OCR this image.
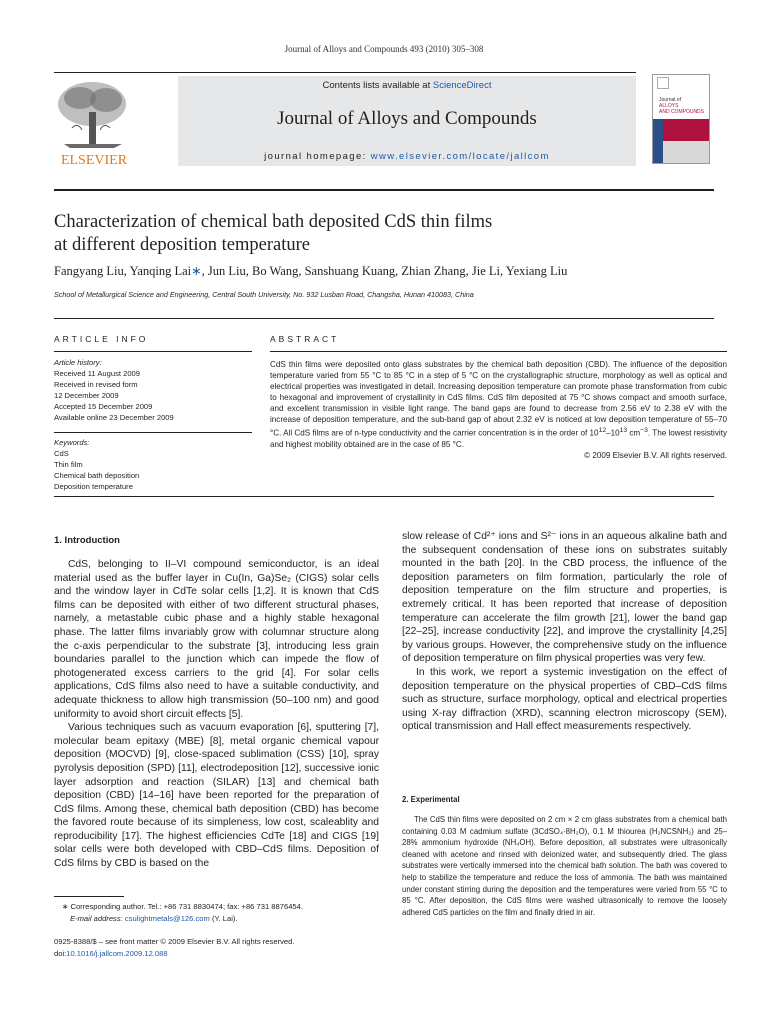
Journal of Alloys and Compounds 493 (2010) 305–308
ELSEVIER
Contents lists available at ScienceDirect
Journal of Alloys and Compounds
journal homepage: www.elsevier.com/locate/jallcom
Journal of
ALLOYS
AND COMPOUNDS
Characterization of chemical bath deposited CdS thin films
at different deposition temperature
Fangyang Liu, Yanqing Lai∗, Jun Liu, Bo Wang, Sanshuang Kuang, Zhian Zhang, Jie Li, Yexiang Liu
School of Metallurgical Science and Engineering, Central South University, No. 932 Lusban Road, Changsha, Hunan 410083, China
ARTICLE INFO
Article history:
Received 11 August 2009
Received in revised form
12 December 2009
Accepted 15 December 2009
Available online 23 December 2009
Keywords:
CdS
Thin film
Chemical bath deposition
Deposition temperature
ABSTRACT
CdS thin films were deposited onto glass substrates by the chemical bath deposition (CBD). The influence of the deposition temperature varied from 55 °C to 85 °C in a step of 5 °C on the crystallographic structure, morphology as well as optical and electrical properties was investigated in detail. Increasing deposition temperature can promote phase transformation from cubic to hexagonal and improvement of crystallinity in CdS films. CdS film deposited at 75 °C shows compact and smooth surface, and excellent transmission in visible light range. The band gaps are found to decrease from 2.56 eV to 2.38 eV with the increase of deposition temperature, and the sub-band gap of about 2.32 eV is noticed at low deposition temperature of 55–70 °C. All CdS films are of n-type conductivity and the carrier concentration is in the order of $10^{12}-10^{13}$ $cm^{-3}$. The lowest resistivity and highest mobility obtained are in the case of 85 °C.
© 2009 Elsevier B.V. All rights reserved.
1. Introduction

CdS, belonging to II–VI compound semiconductor, is an ideal material used as the buffer layer in Cu(In, Ga)Se₂ (CIGS) solar cells and the window layer in CdTe solar cells [1,2]. It is known that CdS films can be deposited with either of two different structural phases, namely, a metastable cubic phase and a highly stable hexagonal phase. The latter films invariably grow with columnar structure along the c-axis perpendicular to the substrate [3], introducing less grain boundaries parallel to the junction which can impede the flow of photogenerated excess carriers to the grid [4]. For solar cells applications, CdS films also need to have a suitable conductivity, and adequate thickness to allow high transmission (50–100 nm) and good uniformity to avoid short circuit effects [5].

Various techniques such as vacuum evaporation [6], sputtering [7], molecular beam epitaxy (MBE) [8], metal organic chemical vapour deposition (MOCVD) [9], close-spaced sublimation (CSS) [10], spray pyrolysis deposition (SPD) [11], electrodeposition [12], successive ionic layer adsorption and reaction (SILAR) [13] and chemical bath deposition (CBD) [14–16] have been reported for the preparation of CdS films. Among these, chemical bath deposition (CBD) has become the favored route because of its simpleness, low cost, scaleablity and reproducibility [17]. The highest efficiencies CdTe [18] and CIGS [19] solar cells were both developed with CBD–CdS films. Deposition of CdS films by CBD is based on the

slow release of Cd²⁺ ions and S²⁻ ions in an aqueous alkaline bath and the subsequent condensation of these ions on substrates suitably mounted in the bath [20]. In the CBD process, the influence of the deposition parameters on film formation, particularly the role of deposition temperature on the film structure and properties, is extremely critical. It has been reported that increase of deposition temperature can accelerate the film growth [21], lower the band gap [22–25], increase conductivity [22], and improve the crystallinity [4,25] by various groups. However, the comprehensive study on the influence of deposition temperature on film physical properties was very few.

In this work, we report a systemic investigation on the effect of deposition temperature on the physical properties of CBD–CdS films such as structure, surface morphology, optical and electrical properties using X-ray diffraction (XRD), scanning electron microscopy (SEM), optical transmission and Hall effect measurements respectively.

2. Experimental

The CdS thin films were deposited on 2 cm × 2 cm glass substrates from a chemical bath containing 0.03 M cadmium sulfate (3CdSO₄·8H₂O), 0.1 M thiourea (H₂NCSNH₂) and 25–28% ammonium hydroxide (NH₄OH). Before deposition, all substrates were ultrasonically cleaned with acetone and rinsed with deionized water, and subsequently dried. The glass substrates were vertically immersed into the chemical bath solution. The bath was covered to help to stabilize the temperature and reduce the loss of ammonia. The bath was maintained under constant stirring during the deposition and the temperatures were varied from 55 °C to 85 °C. After deposition, the CdS films were washed ultrasonically to remove the loosely adhered CdS particles on the film and finally dried in air.

∗ Corresponding author. Tel.: +86 731 8830474; fax: +86 731 8876454.
E-mail address: csulightmetals@126.com (Y. Lai).
0925-8388/$ – see front matter © 2009 Elsevier B.V. All rights reserved.
doi:10.1016/j.jallcom.2009.12.088
